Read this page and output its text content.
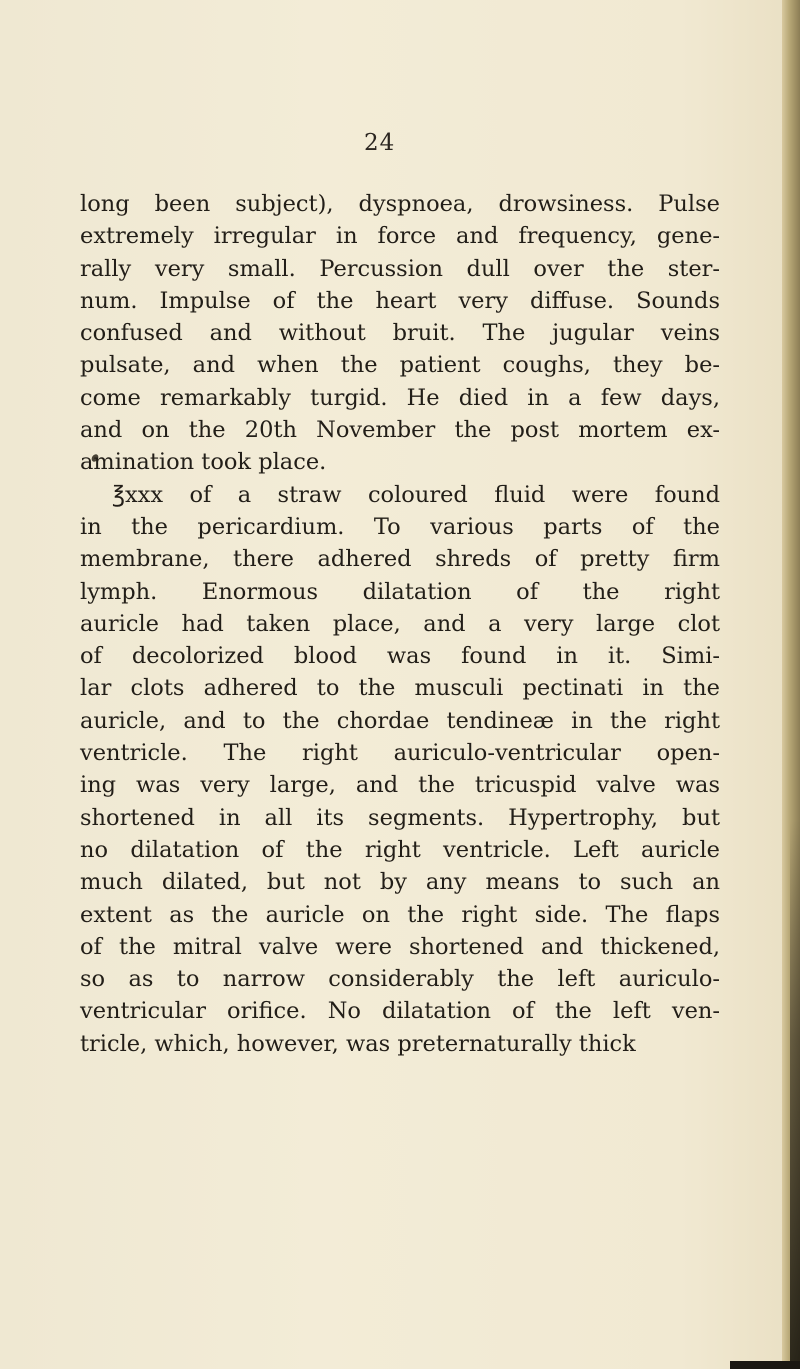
24
long been subject), dyspnoea, drowsiness. Pulse
extremely irregular in force and frequency, gene-
rally very small. Percussion dull over the ster-
num. Impulse of the heart very diffuse. Sounds
confused and without bruit. The jugular veins
pulsate, and when the patient coughs, they be-
come remarkably turgid. He died in a few days,
and on the 20th November the post mortem ex-
amination took place.
℥xxx of a straw coloured fluid were found
in the pericardium. To various parts of the
membrane, there adhered shreds of pretty firm
lymph. Enormous dilatation of the right
auricle had taken place, and a very large clot
of decolorized blood was found in it. Simi-
lar clots adhered to the musculi pectinati in the
auricle, and to the chordae tendineæ in the right
ventricle. The right auriculo-ventricular open-
ing was very large, and the tricuspid valve was
shortened in all its segments. Hypertrophy, but
no dilatation of the right ventricle. Left auricle
much dilated, but not by any means to such an
extent as the auricle on the right side. The flaps
of the mitral valve were shortened and thickened,
so as to narrow considerably the left auriculo-
ventricular orifice. No dilatation of the left ven-
tricle, which, however, was preternaturally thick
